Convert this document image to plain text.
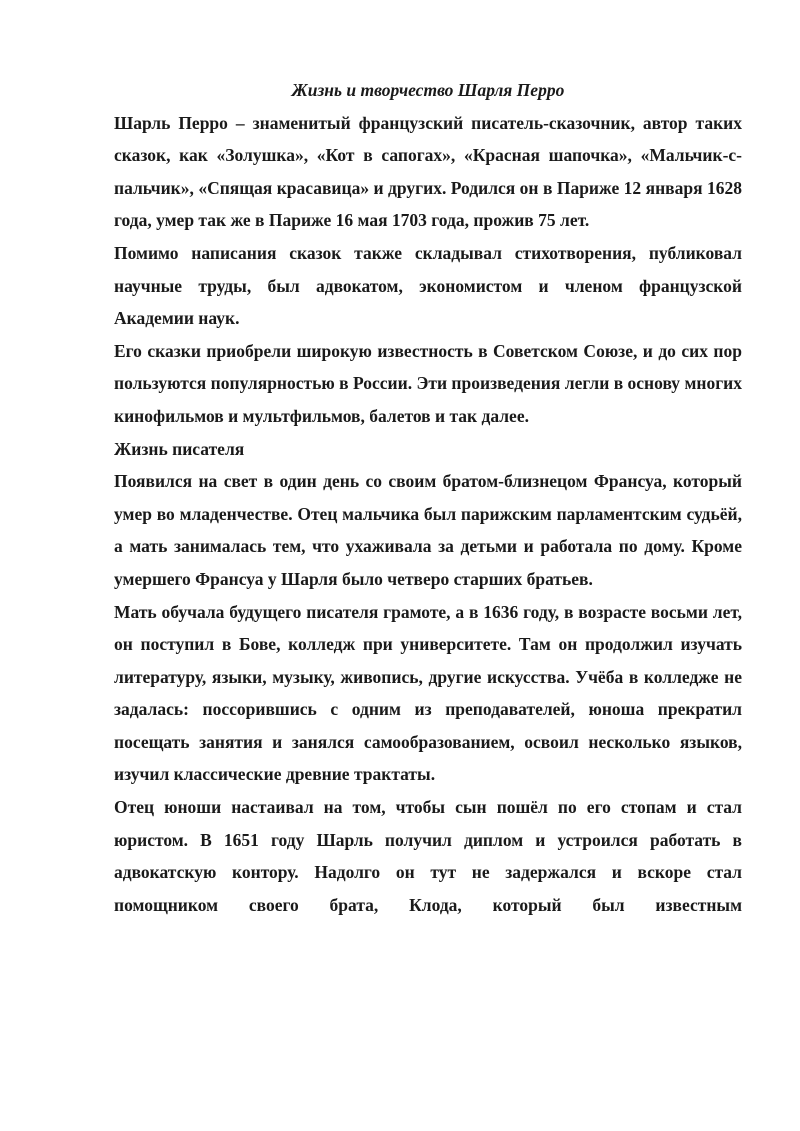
Жизнь и творчество Шарля Перро

Шарль Перро – знаменитый французский писатель-сказочник, автор таких сказок, как «Золушка», «Кот в сапогах», «Красная шапочка», «Мальчик-с-пальчик», «Спящая красавица» и других. Родился он в Париже 12 января 1628 года, умер так же в Париже 16 мая 1703 года, прожив 75 лет.

Помимо написания сказок также складывал стихотворения, публиковал научные труды, был адвокатом, экономистом и членом французской Академии наук.

Его сказки приобрели широкую известность в Советском Союзе, и до сих пор пользуются популярностью в России. Эти произведения легли в основу многих кинофильмов и мультфильмов, балетов и так далее.

Жизнь писателя

Появился на свет в один день со своим братом-близнецом Франсуа, который умер во младенчестве. Отец мальчика был парижским парламентским судьёй, а мать занималась тем, что ухаживала за детьми и работала по дому. Кроме умершего Франсуа у Шарля было четверо старших братьев.

Мать обучала будущего писателя грамоте, а в 1636 году, в возрасте восьми лет, он поступил в Бове, колледж при университете. Там он продолжил изучать литературу, языки, музыку, живопись, другие искусства. Учёба в колледже не задалась: поссорившись с одним из преподавателей, юноша прекратил посещать занятия и занялся самообразованием, освоил несколько языков, изучил классические древние трактаты.

Отец юноши настаивал на том, чтобы сын пошёл по его стопам и стал юристом. В 1651 году Шарль получил диплом и устроился работать в адвокатскую контору. Надолго он тут не задержался и вскоре стал помощником своего брата, Клода, который был известным
